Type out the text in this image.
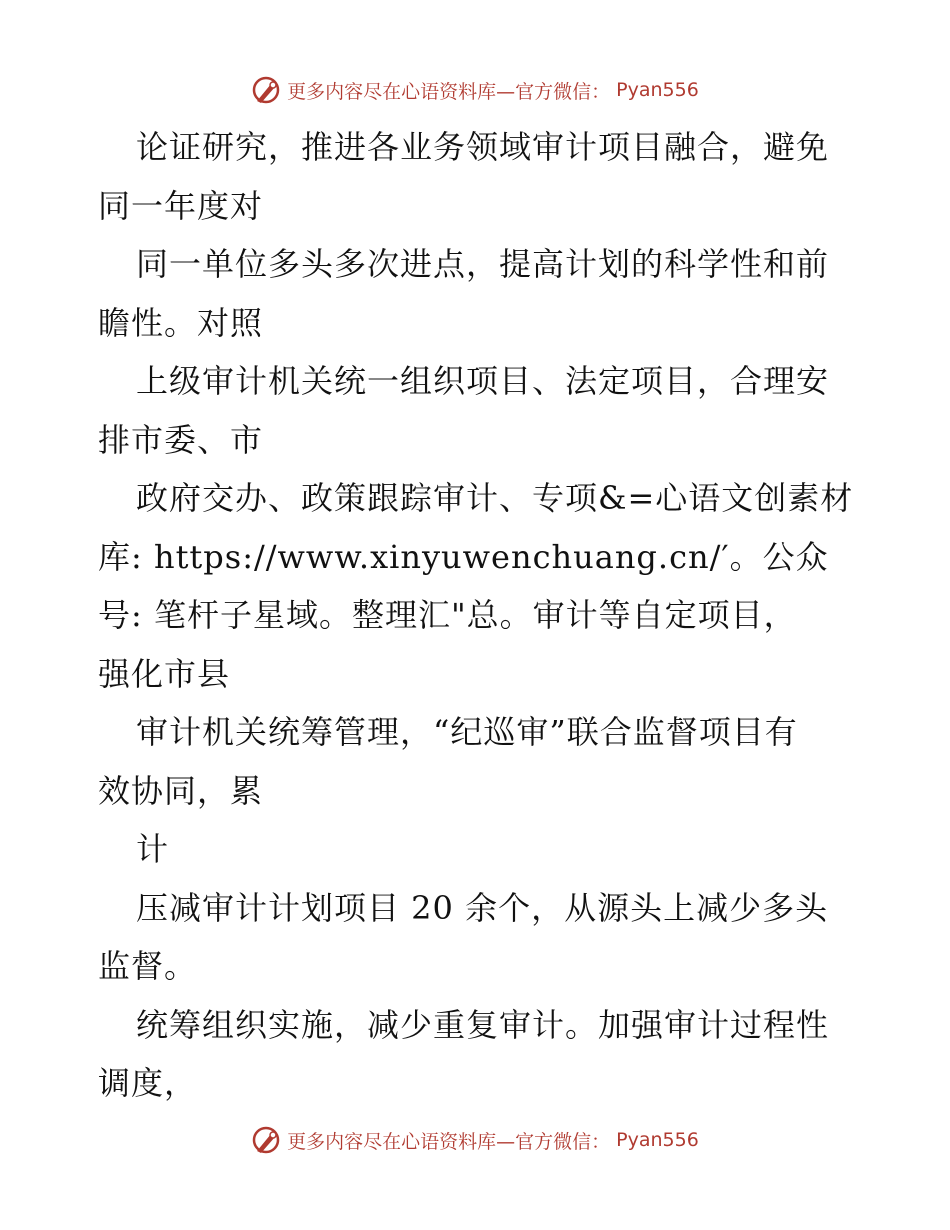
更多内容尽在心语资料库—官方微信： Pyan556
论证研究，推进各业务领域审计项目融合，避免
同一年度对
同一单位多头多次进点，提高计划的科学性和前
瞻性。对照
上级审计机关统一组织项目、法定项目，合理安
排市委、市
政府交办、政策跟踪审计、专项&=心语文创素材
库: https://www.xinyuwenchuang.cn/′。公众
号: 笔杆子星域。整理汇"总。审计等自定项目，
强化市县
审计机关统筹管理，“纪巡审”联合监督项目有
效协同，累
计
压减审计计划项目 20 余个，从源头上减少多头
监督。
统筹组织实施，减少重复审计。加强审计过程性
调度，
更多内容尽在心语资料库—官方微信： Pyan556
